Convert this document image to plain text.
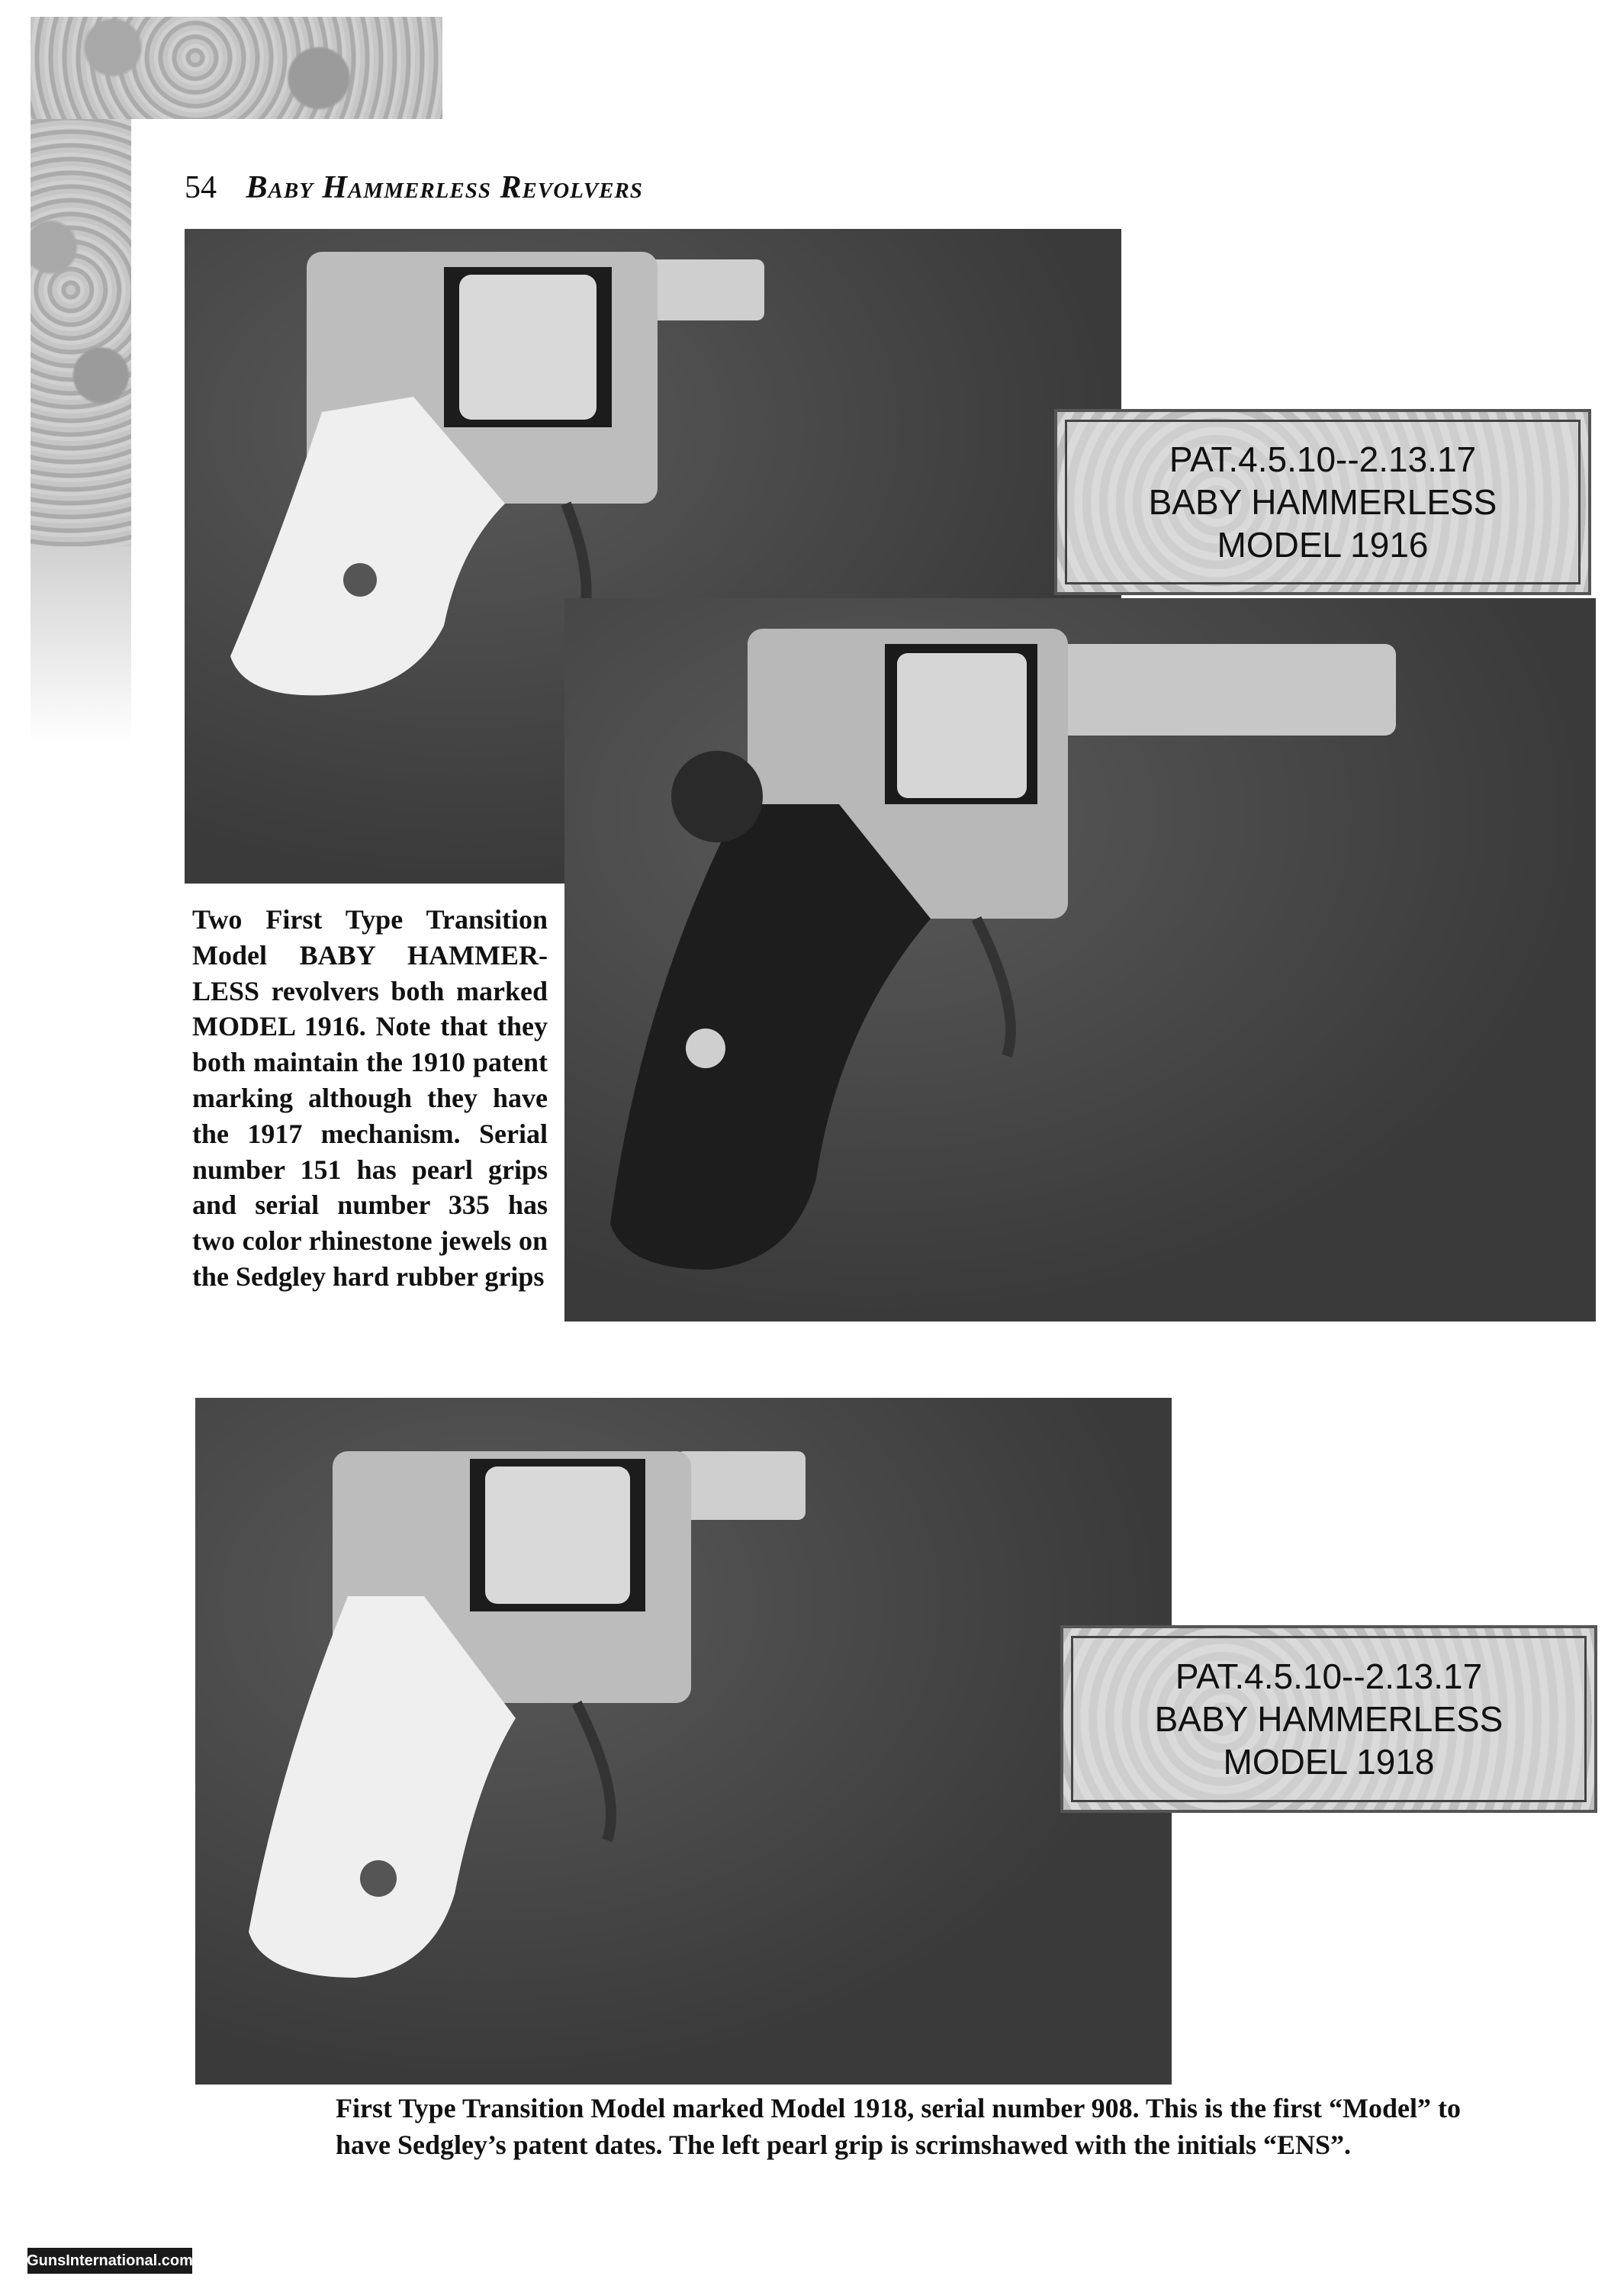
54 Baby Hammerless Revolvers
PAT.4.5.10--2.13.17
BABY HAMMERLESS
MODEL 1916
Two First Type Transition Model BABY HAMMER-LESS revolvers both marked MODEL 1916. Note that they both maintain the 1910 patent marking although they have the 1917 mechanism. Serial number 151 has pearl grips and serial number 335 has two color rhinestone jewels on the Sedgley hard rubber grips
PAT.4.5.10--2.13.17
BABY HAMMERLESS
MODEL 1918
First Type Transition Model marked Model 1918, serial number 908. This is the first “Model” to have Sedgley’s patent dates. The left pearl grip is scrimshawed with the initials “ENS”.
GunsInternational.com
